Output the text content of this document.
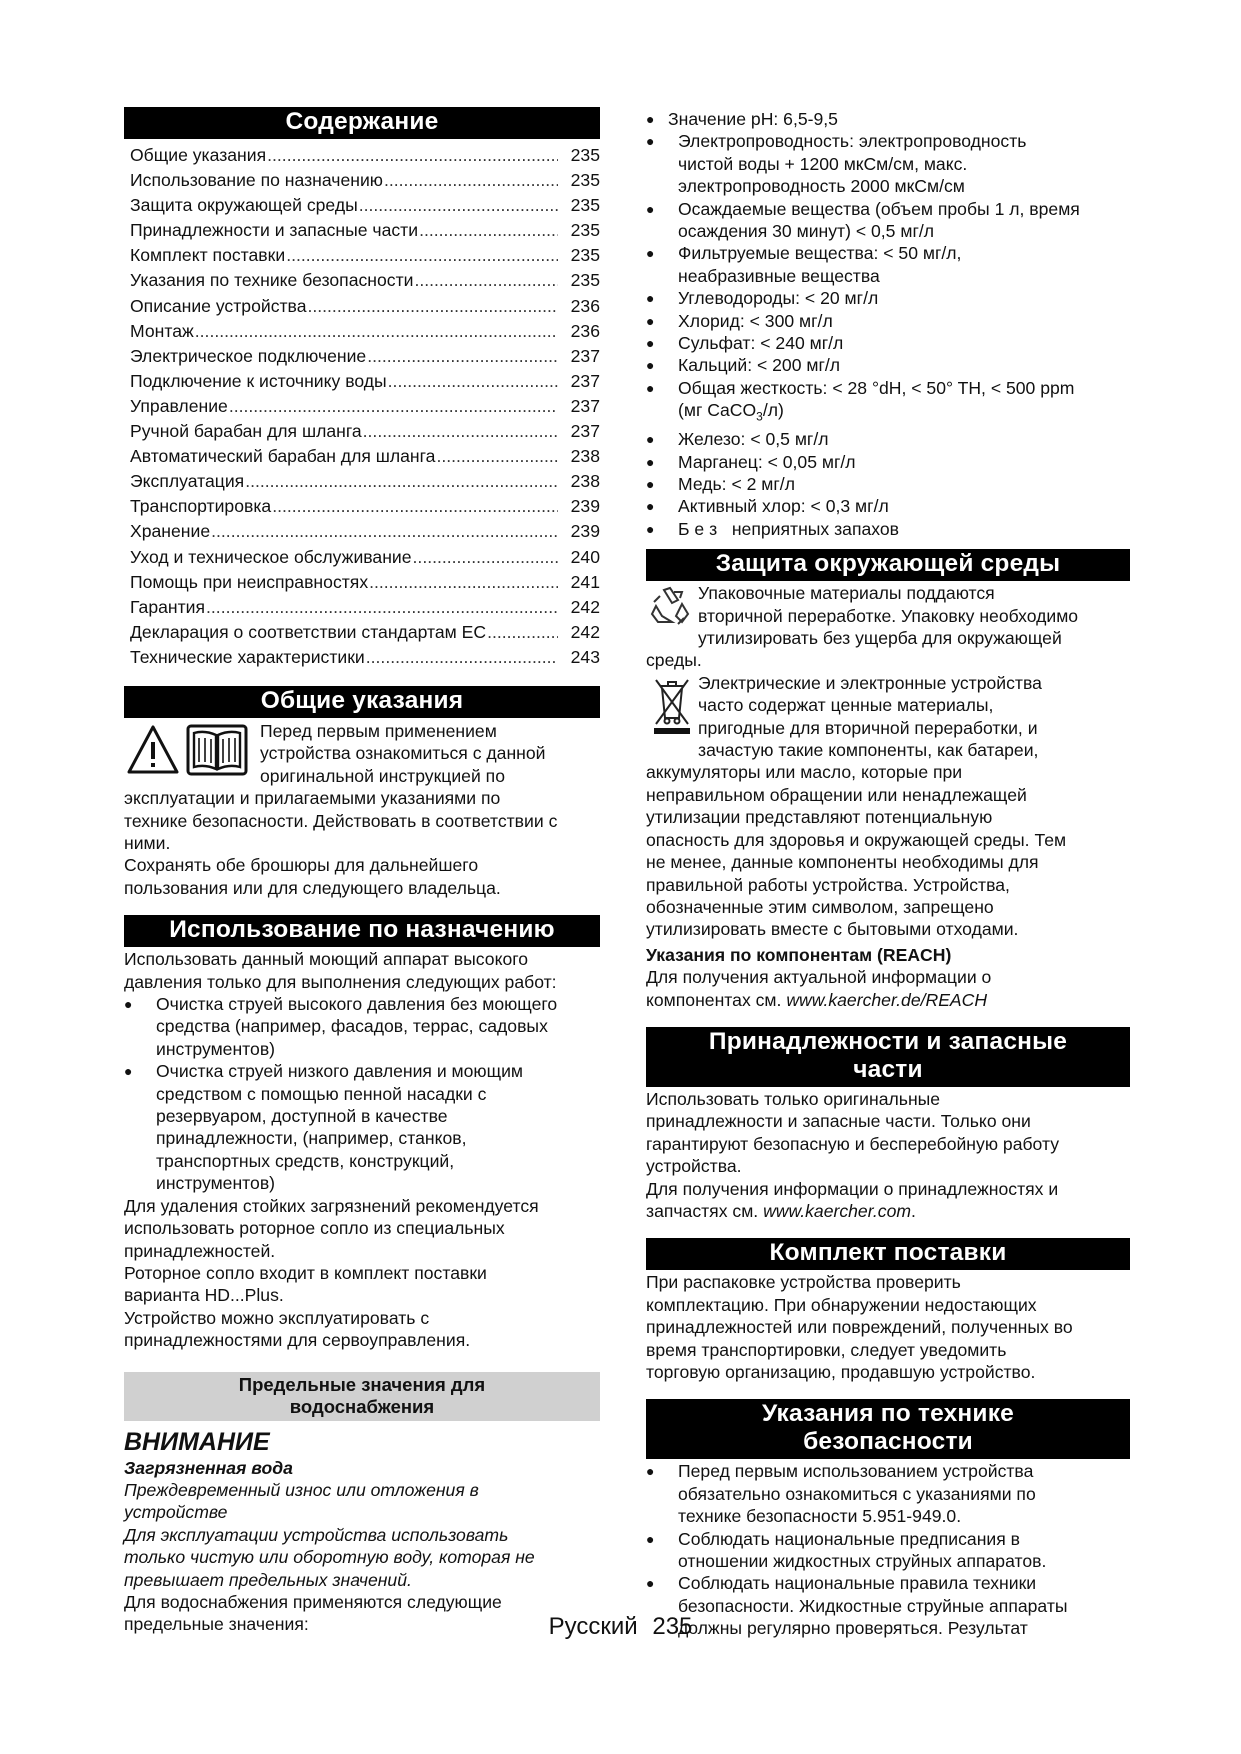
Содержание
Общие указания .....	235
Использование по назначению .....	235
Защита окружающей среды .....	235
Принадлежности и запасные части .....	235
Комплект поставки .....	235
Указания по технике безопасности .....	235
Описание устройства .....	236
Монтаж .....	236
Электрическое подключение .....	237
Подключение к источнику воды .....	237
Управление .....	237
Ручной барабан для шланга .....	237
Автоматический барабан для шланга .....	238
Эксплуатация .....	238
Транспортировка .....	239
Хранение .....	239
Уход и техническое обслуживание .....	240
Помощь при неисправностях .....	241
Гарантия .....	242
Декларация о соответствии стандартам ЕС .....	242
Технические характеристики .....	243
Общие указания

Перед первым применением

устройства ознакомиться с данной

оригинальной инструкцией по

эксплуатации и прилагаемыми указаниями по

технике безопасности. Действовать в соответствии с

ними.

Сохранять обе брошюры для дальнейшего

пользования или для следующего владельца.

Использование по назначению

Использовать данный моющий аппарат высокого

давления только для выполнения следующих работ:

● Очистка струей высокого давления без моющего
средства (например, фасадов, террас, садовых
инструментов)
● Очистка струей низкого давления и моющим
средством с помощью пенной насадки с
резервуаром, доступной в качестве
принадлежности, (например, станков,
транспортных средств, конструкций,
инструментов)

Для удаления стойких загрязнений рекомендуется

использовать роторное сопло из специальных

принадлежностей.

Роторное сопло входит в комплект поставки

варианта HD...Plus.

Устройство можно эксплуатировать с

принадлежностями для сервоуправления.

Предельные значения для
водоснабжения
ВНИМАНИЕ

Загрязненная вода

Преждевременный износ или отложения в

устройстве

Для эксплуатации устройства использовать

только чистую или оборотную воду, которая не

превышает предельных значений.

Для водоснабжения применяются следующие

предельные значения:

● Значение pH: 6,5-9,5
● Электропроводность: электропроводность
чистой воды + 1200 мкСм/см, макс.
электропроводность 2000 мкСм/см
● Осаждаемые вещества (объем пробы 1 л, время
осаждения 30 минут) < 0,5 мг/л
● Фильтруемые вещества: < 50 мг/л,
неабразивные вещества
● Углеводороды: < 20 мг/л
● Хлорид: < 300 мг/л
● Сульфат: < 240 мг/л
● Кальций: < 200 мг/л
● Общая жесткость: < 28 °dH, < 50° TH, < 500 ppm
(мг CaCO$_3$/л)
● Железо: < 0,5 мг/л
● Марганец: < 0,05 мг/л
● Медь: < 2 мг/л
● Активный хлор: < 0,3 мг/л
● Б е з   неприятных запахов
Защита окружающей среды

Упаковочные материалы поддаются

вторичной переработке. Упаковку необходимо

утилизировать без ущерба для окружающей

среды.

Электрические и электронные устройства

часто содержат ценные материалы,

пригодные для вторичной переработки, и

зачастую такие компоненты, как батареи,

аккумуляторы или масло, которые при

неправильном обращении или ненадлежащей

утилизации представляют потенциальную

опасность для здоровья и окружающей среды. Тем

не менее, данные компоненты необходимы для

правильной работы устройства. Устройства,

обозначенные этим символом, запрещено

утилизировать вместе с бытовыми отходами.

Указания по компонентам (REACH)

Для получения актуальной информации о

компонентах см. www.kaercher.de/REACH

Принадлежности и запасные
части

Использовать только оригинальные

принадлежности и запасные части. Только они

гарантируют безопасную и бесперебойную работу

устройства.

Для получения информации о принадлежностях и

запчастях см. www.kaercher.com.

Комплект поставки

При распаковке устройства проверить

комплектацию. При обнаружении недостающих

принадлежностей или повреждений, полученных во

время транспортировки, следует уведомить

торговую организацию, продавшую устройство.

Указания по технике
безопасности
● Перед первым использованием устройства
обязательно ознакомиться с указаниями по
технике безопасности 5.951-949.0.
● Соблюдать национальные предписания в
отношении жидкостных струйных аппаратов.
● Соблюдать национальные правила техники
безопасности. Жидкостные струйные аппараты
должны регулярно проверяться. Результат
Русский 235
